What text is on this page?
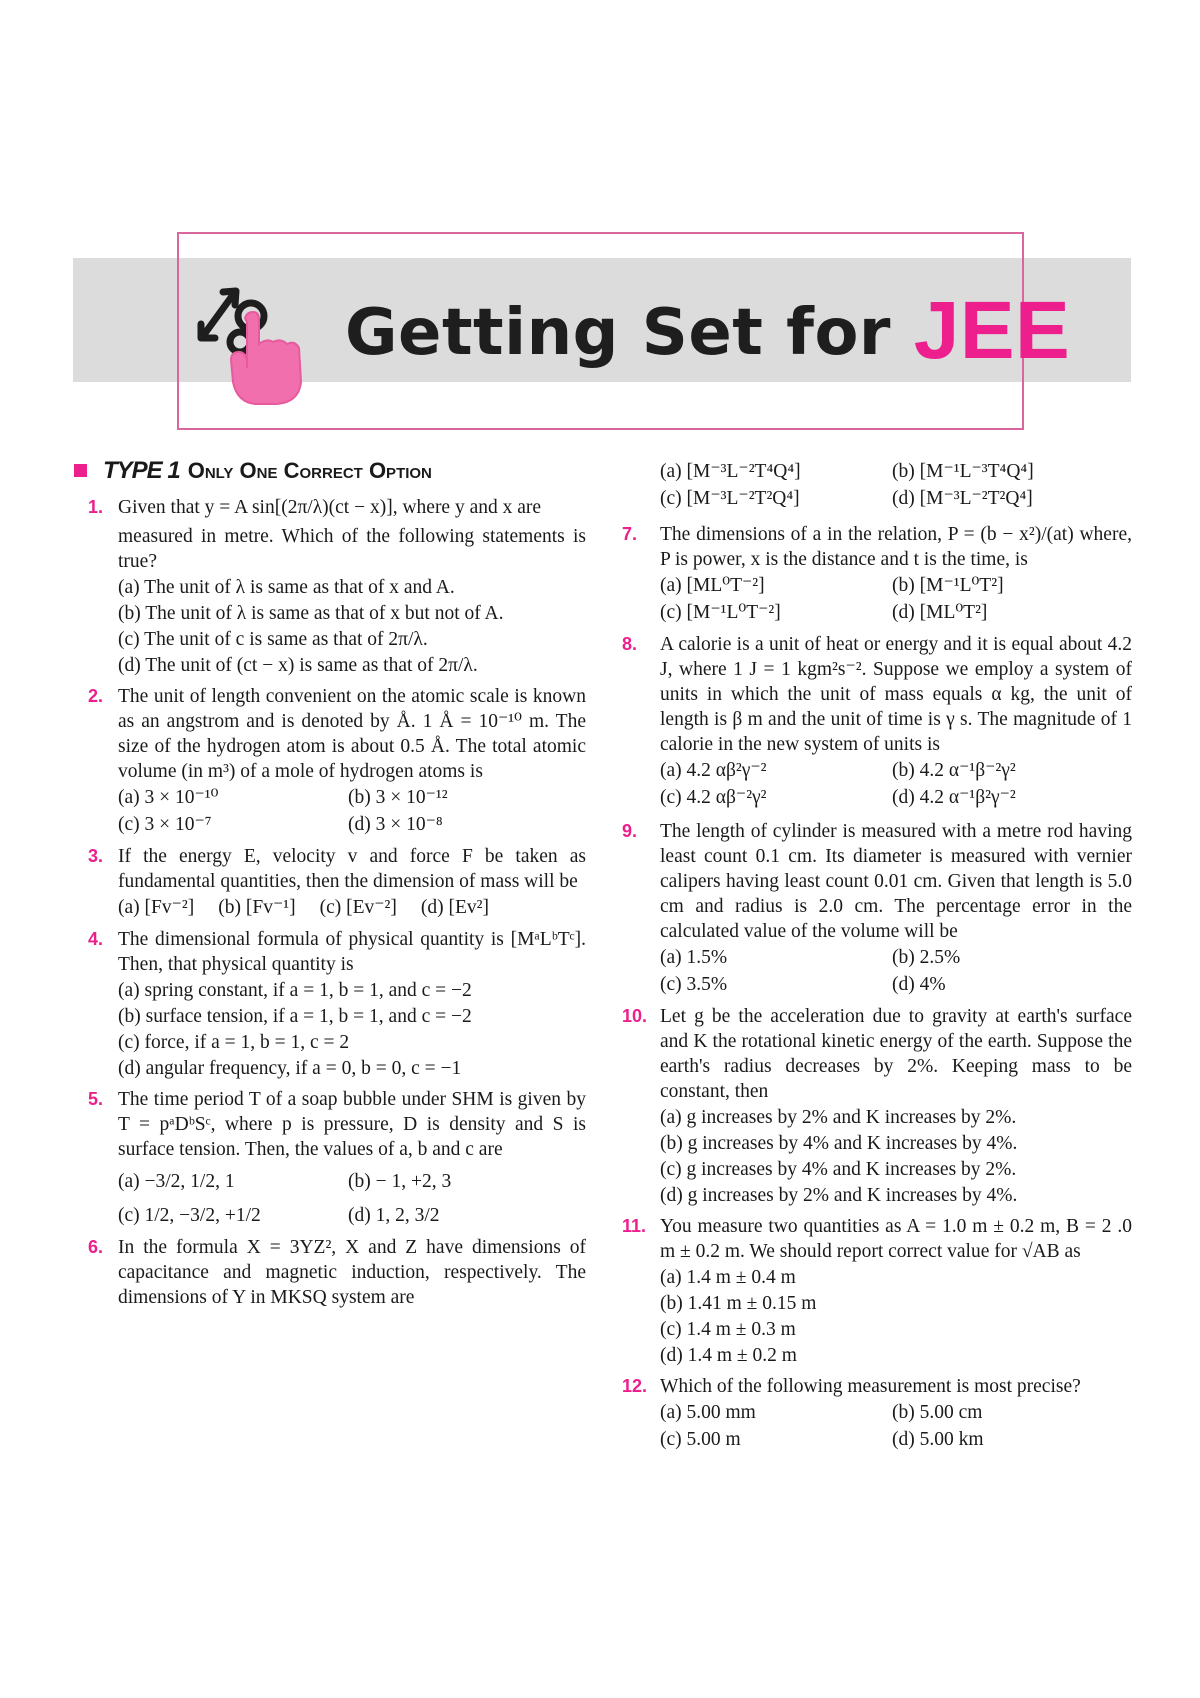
Getting Set for JEE
TYPE 1 Only One Correct Option
1. Given that y = A sin[(2π/λ)(ct − x)], where y and x are
measured in metre. Which of the following statements is true?
(a) The unit of λ is same as that of x and A.
(b) The unit of λ is same as that of x but not of A.
(c) The unit of c is same as that of 2π/λ.
(d) The unit of (ct − x) is same as that of 2π/λ.
2. The unit of length convenient on the atomic scale is known as an angstrom and is denoted by Å. 1 Å = 10⁻¹⁰ m. The size of the hydrogen atom is about 0.5 Å. The total atomic volume (in m³) of a mole of hydrogen atoms is
(a) 3 × 10⁻¹⁰	(b) 3 × 10⁻¹²
(c) 3 × 10⁻⁷	(d) 3 × 10⁻⁸
3. If the energy E, velocity v and force F be taken as fundamental quantities, then the dimension of mass will be
(a) [Fv⁻²] (b) [Fv⁻¹] (c) [Ev⁻²] (d) [Ev²]
4. The dimensional formula of physical quantity is [MᵃLᵇTᶜ]. Then, that physical quantity is
(a) spring constant, if a = 1, b = 1, and c = −2
(b) surface tension, if a = 1, b = 1, and c = −2
(c) force, if a = 1, b = 1, c = 2
(d) angular frequency, if a = 0, b = 0, c = −1
5. The time period T of a soap bubble under SHM is given by T = pᵃDᵇSᶜ, where p is pressure, D is density and S is surface tension. Then, the values of a, b and c are
(a) −3/2, 1/2, 1	(b) − 1, +2, 3
(c) 1/2, −3/2, +1/2	(d) 1, 2, 3/2
6. In the formula X = 3YZ², X and Z have dimensions of capacitance and magnetic induction, respectively. The dimensions of Y in MKSQ system are
(a) [M⁻³L⁻²T⁴Q⁴]	(b) [M⁻¹L⁻³T⁴Q⁴]
(c) [M⁻³L⁻²T²Q⁴]	(d) [M⁻³L⁻²T²Q⁴]
7. The dimensions of a in the relation, P = (b − x²)/(at) where, P is power, x is the distance and t is the time, is
(a) [ML⁰T⁻²]	(b) [M⁻¹L⁰T²]
(c) [M⁻¹L⁰T⁻²]	(d) [ML⁰T²]
8. A calorie is a unit of heat or energy and it is equal about 4.2 J, where 1 J = 1 kgm²s⁻². Suppose we employ a system of units in which the unit of mass equals α kg, the unit of length is β m and the unit of time is γ s. The magnitude of 1 calorie in the new system of units is
(a) 4.2 αβ²γ⁻²	(b) 4.2 α⁻¹β⁻²γ²
(c) 4.2 αβ⁻²γ²	(d) 4.2 α⁻¹β²γ⁻²
9. The length of cylinder is measured with a metre rod having least count 0.1 cm. Its diameter is measured with vernier calipers having least count 0.01 cm. Given that length is 5.0 cm and radius is 2.0 cm. The percentage error in the calculated value of the volume will be
(a) 1.5%	(b) 2.5%
(c) 3.5%	(d) 4%
10. Let g be the acceleration due to gravity at earth's surface and K the rotational kinetic energy of the earth. Suppose the earth's radius decreases by 2%. Keeping mass to be constant, then
(a) g increases by 2% and K increases by 2%.
(b) g increases by 4% and K increases by 4%.
(c) g increases by 4% and K increases by 2%.
(d) g increases by 2% and K increases by 4%.
11. You measure two quantities as A = 1.0 m ± 0.2 m, B = 2 .0 m ± 0.2 m. We should report correct value for √AB as
(a) 1.4 m ± 0.4 m
(b) 1.41 m ± 0.15 m
(c) 1.4 m ± 0.3 m
(d) 1.4 m ± 0.2 m
12. Which of the following measurement is most precise?
(a) 5.00 mm	(b) 5.00 cm
(c) 5.00 m	(d) 5.00 km
